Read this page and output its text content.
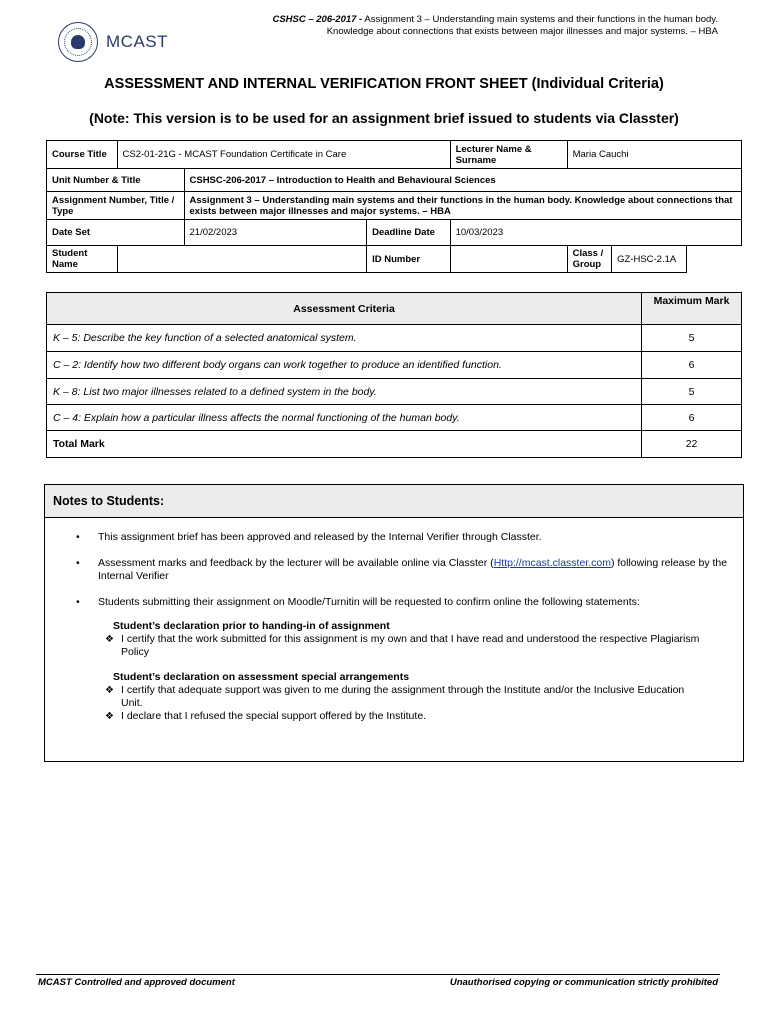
MCAST
CSHSC – 206-2017 - Assignment 3 – Understanding main systems and their functions in the human body. Knowledge about connections that exists between major illnesses and major systems. – HBA
ASSESSMENT AND INTERNAL VERIFICATION FRONT SHEET (Individual Criteria)
(Note: This version is to be used for an assignment brief issued to students via Classter)
Course Title	CS2-01-21G - MCAST Foundation Certificate in Care	Lecturer Name & Surname	Maria Cauchi
Unit Number & Title	CSHSC-206-2017 – Introduction to Health and Behavioural Sciences
Assignment Number, Title / Type	Assignment 3 – Understanding main systems and their functions in the human body. Knowledge about connections that exists between major illnesses and major systems. – HBA
Date Set	21/02/2023	Deadline Date	10/03/2023
Student Name		ID Number			Class / Group	GZ-HSC-2.1A
Assessment Criteria	Maximum Mark
K – 5: Describe the key function of a selected anatomical system.	5
C – 2: Identify how two different body organs can work together to produce an identified function.	6
K – 8: List two major illnesses related to a defined system in the body.	5
C – 4: Explain how a particular illness affects the normal functioning of the human body.	6
Total Mark	22
Notes to Students:
• This assignment brief has been approved and released by the Internal Verifier through Classter.
• Assessment marks and feedback by the lecturer will be available online via Classter (Http://mcast.classter.com) following release by the Internal Verifier
• Students submitting their assignment on Moodle/Turnitin will be requested to confirm online the following statements:
Student’s declaration prior to handing-in of assignment
❖ I certify that the work submitted for this assignment is my own and that I have read and understood the respective Plagiarism Policy
Student’s declaration on assessment special arrangements
❖ I certify that adequate support was given to me during the assignment through the Institute and/or the Inclusive Education Unit.
❖ I declare that I refused the special support offered by the Institute.
MCAST Controlled and approved document	Unauthorised copying or communication strictly prohibited
